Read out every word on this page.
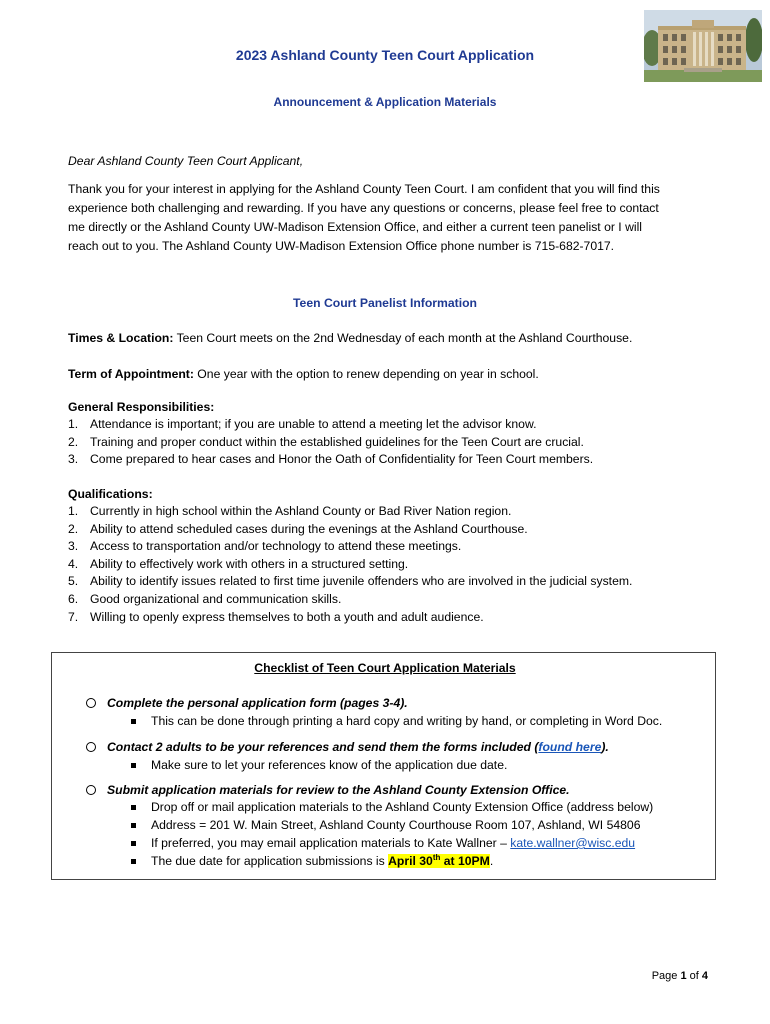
2023 Ashland County Teen Court Application
Announcement & Application Materials
Dear Ashland County Teen Court Applicant,
Thank you for your interest in applying for the Ashland County Teen Court. I am confident that you will find this
experience both challenging and rewarding. If you have any questions or concerns, please feel free to contact
me directly or the Ashland County UW-Madison Extension Office, and either a current teen panelist or I will
reach out to you. The Ashland County UW-Madison Extension Office phone number is 715-682-7017.
Teen Court Panelist Information
Times & Location: Teen Court meets on the 2nd Wednesday of each month at the Ashland Courthouse.
Term of Appointment: One year with the option to renew depending on year in school.
General Responsibilities:
1. Attendance is important; if you are unable to attend a meeting let the advisor know.
2. Training and proper conduct within the established guidelines for the Teen Court are crucial.
3. Come prepared to hear cases and Honor the Oath of Confidentiality for Teen Court members.
Qualifications:
1. Currently in high school within the Ashland County or Bad River Nation region.
2. Ability to attend scheduled cases during the evenings at the Ashland Courthouse.
3. Access to transportation and/or technology to attend these meetings.
4. Ability to effectively work with others in a structured setting.
5. Ability to identify issues related to first time juvenile offenders who are involved in the judicial system.
6. Good organizational and communication skills.
7. Willing to openly express themselves to both a youth and adult audience.
Checklist of Teen Court Application Materials
Complete the personal application form (pages 3-4).
This can be done through printing a hard copy and writing by hand, or completing in Word Doc.
Contact 2 adults to be your references and send them the forms included (found here).
Make sure to let your references know of the application due date.
Submit application materials for review to the Ashland County Extension Office.
Drop off or mail application materials to the Ashland County Extension Office (address below)
Address = 201 W. Main Street, Ashland County Courthouse Room 107, Ashland, WI 54806
If preferred, you may email application materials to Kate Wallner – kate.wallner@wisc.edu
The due date for application submissions is April 30th at 10PM.
Page 1 of 4
